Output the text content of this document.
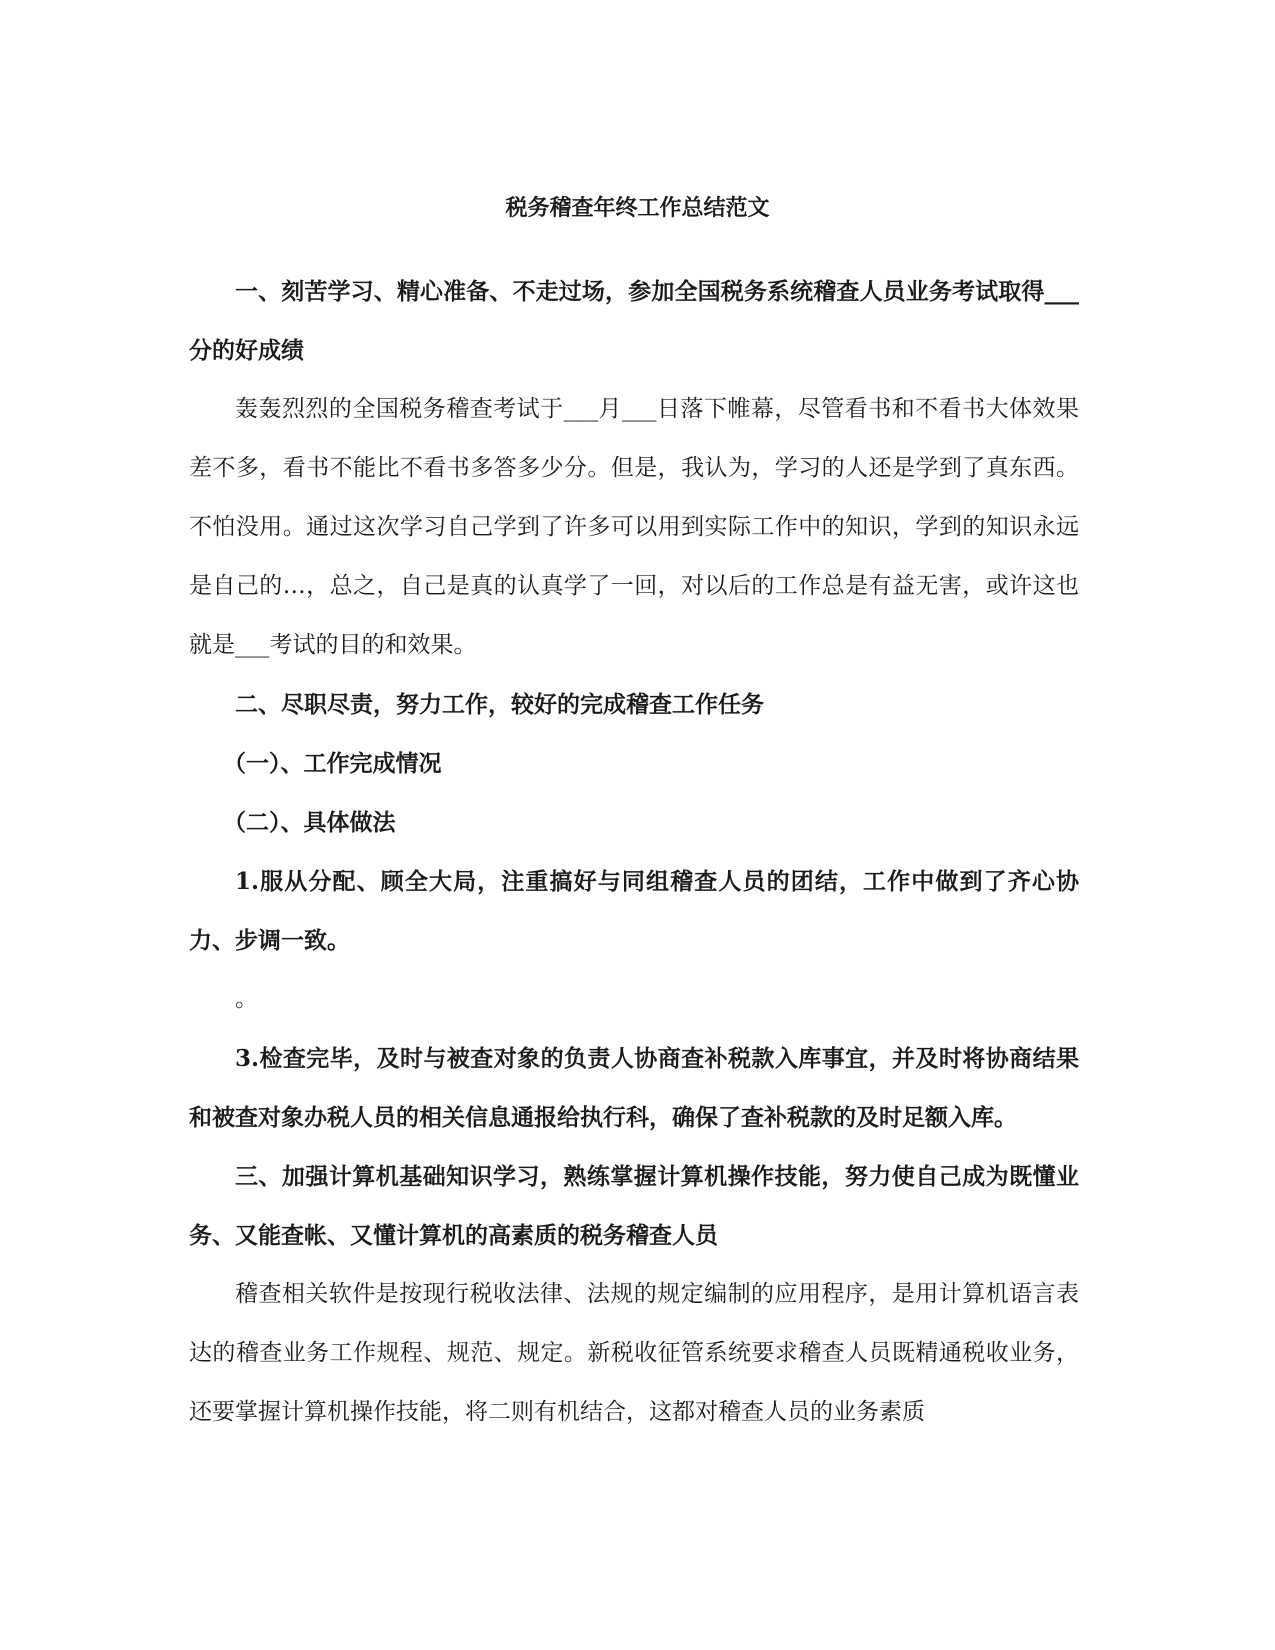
税务稽查年终工作总结范文

一、刻苦学习、精心准备、不走过场，参加全国税务系统稽查人员业务考试取得___分的好成绩

轰轰烈烈的全国税务稽查考试于___月___日落下帷幕，尽管看书和不看书大体效果差不多，看书不能比不看书多答多少分。但是，我认为，学习的人还是学到了真东西。不怕没用。通过这次学习自己学到了许多可以用到实际工作中的知识，学到的知识永远是自己的…，总之，自己是真的认真学了一回，对以后的工作总是有益无害，或许这也就是___考试的目的和效果。

二、尽职尽责，努力工作，较好的完成稽查工作任务

（一）、工作完成情况

（二）、具体做法

1.服从分配、顾全大局，注重搞好与同组稽查人员的团结，工作中做到了齐心协力、步调一致。

。

3.检查完毕，及时与被查对象的负责人协商查补税款入库事宜，并及时将协商结果和被查对象办税人员的相关信息通报给执行科，确保了查补税款的及时足额入库。

三、加强计算机基础知识学习，熟练掌握计算机操作技能，努力使自己成为既懂业务、又能查帐、又懂计算机的高素质的税务稽查人员

稽查相关软件是按现行税收法律、法规的规定编制的应用程序，是用计算机语言表达的稽查业务工作规程、规范、规定。新税收征管系统要求稽查人员既精通税收业务，还要掌握计算机操作技能，将二则有机结合，这都对稽查人员的业务素质
